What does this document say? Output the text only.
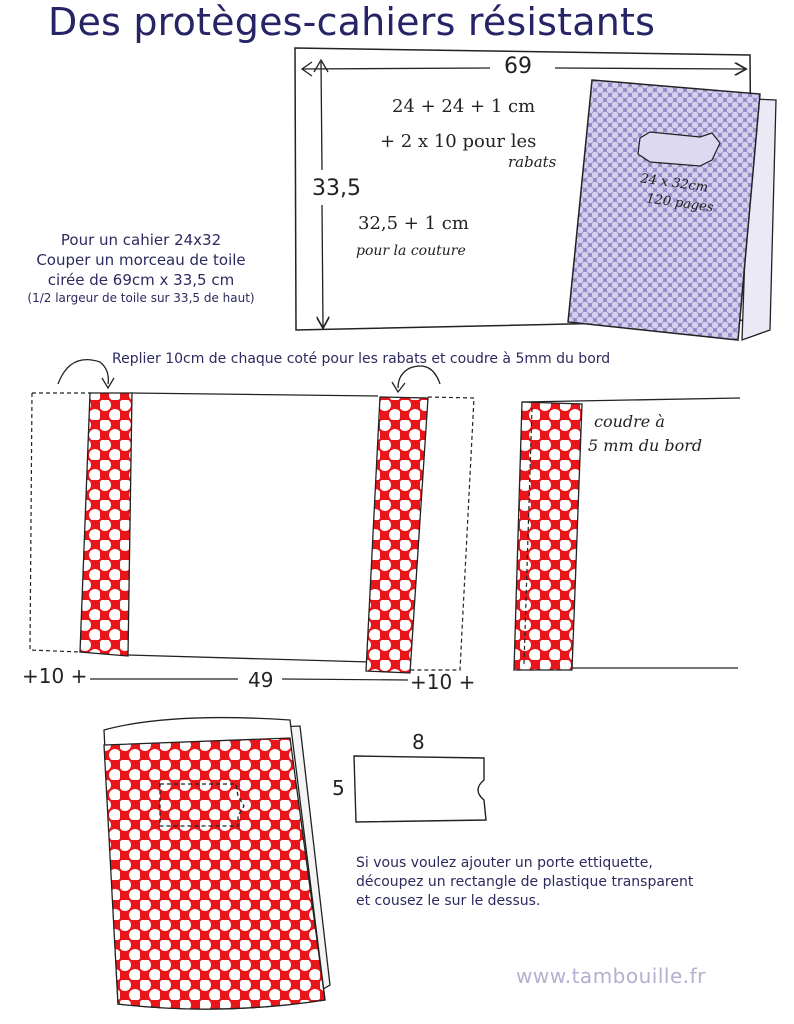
Des protèges-cahiers résistants
69
33,5
24 + 24 + 1 cm
+ 2 x 10 pour les
rabats
32,5 + 1 cm
pour la couture
24 x 32cm
120 pages
Pour un cahier 24x32
Couper un morceau de toile
cirée de 69cm x 33,5 cm
(1/2 largeur de toile sur 33,5 de haut)
Replier 10cm de chaque coté pour les rabats et coudre à 5mm du bord
+10 +	49	+10 +
coudre à
5 mm du bord
8
5
Si vous voulez ajouter un porte ettiquette,
découpez un rectangle de plastique transparent
et cousez le sur le dessus.
www.tambouille.fr
